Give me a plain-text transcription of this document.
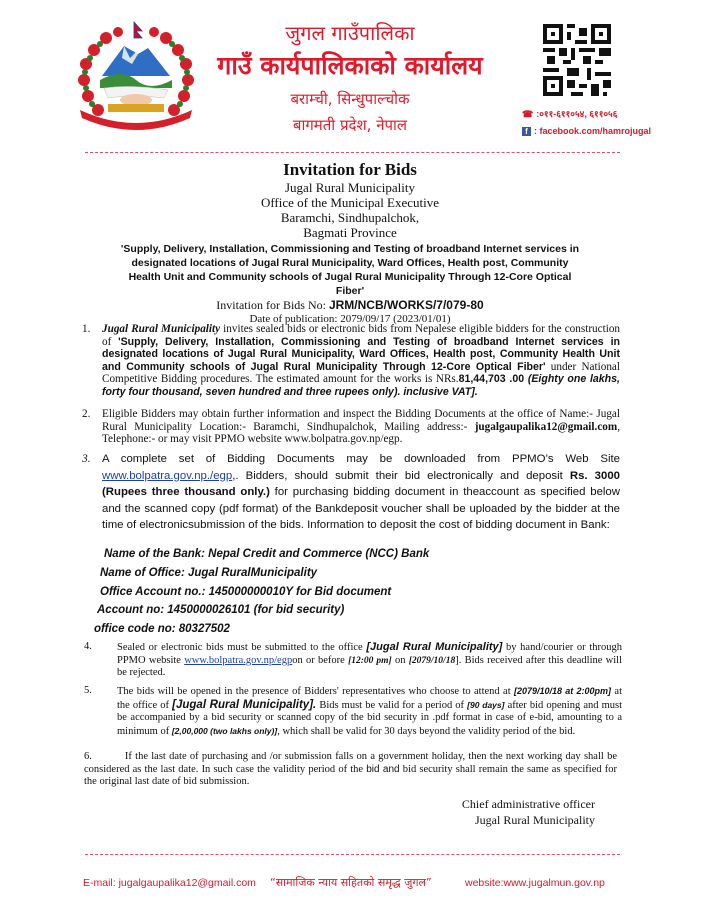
जुगल गाउँपालिका
गाउँ कार्यपालिकाको कार्यालय
बराम्ची, सिन्धुपाल्चोक
बागमती प्रदेश, नेपाल
☎ :०११-६११०५४, ६११०५६
f : facebook.com/hamrojugal
Invitation for Bids
Jugal Rural Municipality
Office of the Municipal Executive
Baramchi, Sindhupalchok,
Bagmati Province
'Supply, Delivery, Installation, Commissioning and Testing of broadband Internet services in designated locations of Jugal Rural Municipality, Ward Offices, Health post, Community Health Unit and Community schools of Jugal Rural Municipality Through 12-Core Optical Fiber'
Invitation for Bids No: JRM/NCB/WORKS/7/079-80
Date of publication: 2079/09/17 (2023/01/01)
1. Jugal Rural Municipality invites sealed bids or electronic bids from Nepalese eligible bidders for the construction of 'Supply, Delivery, Installation, Commissioning and Testing of broadband Internet services in designated locations of Jugal Rural Municipality, Ward Offices, Health post, Community Health Unit and Community schools of Jugal Rural Municipality Through 12-Core Optical Fiber' under National Competitive Bidding procedures. The estimated amount for the works is NRs.81,44,703 .00 (Eighty one lakhs, forty four thousand, seven hundred and three rupees only). inclusive VAT].
2. Eligible Bidders may obtain further information and inspect the Bidding Documents at the office of Name:- Jugal Rural Municipality Location:- Baramchi, Sindhupalchok, Mailing address:- jugalgaupalika12@gmail.com, Telephone:- or may visit PPMO website www.bolpatra.gov.np/egp.
3. A complete set of Bidding Documents may be downloaded from PPMO’s Web Site www.bolpatra.gov.np./egp,. Bidders, should submit their bid electronically and deposit Rs. 3000 (Rupees three thousand only.) for purchasing bidding document in theaccount as specified below and the scanned copy (pdf format) of the Bankdeposit voucher shall be uploaded by the bidder at the time of electronicsubmission of the bids. Information to deposit the cost of bidding document in Bank:
Name of the Bank: Nepal Credit and Commerce (NCC) Bank
Name of Office: Jugal RuralMunicipality
Office Account no.: 145000000010Y for Bid document
Account no: 1450000026101 (for bid security)
office code no: 80327502
4. Sealed or electronic bids must be submitted to the office [Jugal Rural Municipality] by hand/courier or through PPMO website www.bolpatra.gov.np/egpon or before [12:00 pm] on [2079/10/18]. Bids received after this deadline will be rejected.
5. The bids will be opened in the presence of Bidders' representatives who choose to attend at [2079/10/18 at 2:00pm] at the office of [Jugal Rural Municipality]. Bids must be valid for a period of [90 days] after bid opening and must be accompanied by a bid security or scanned copy of the bid security in .pdf format in case of e-bid, amounting to a minimum of [2,00,000 (two lakhs only)], which shall be valid for 30 days beyond the validity period of the bid.
6.	If the last date of purchasing and /or submission falls on a government holiday, then the next working day shall be considered as the last date. In such case the validity period of the bid and bid security shall remain the same as specified for the original last date of bid submission.
Chief administrative officer
Jugal Rural Municipality
E-mail: jugalgaupalika12@gmail.com “सामाजिक न्याय सहितको समृद्ध जुगल”	website:www.jugalmun.gov.np
